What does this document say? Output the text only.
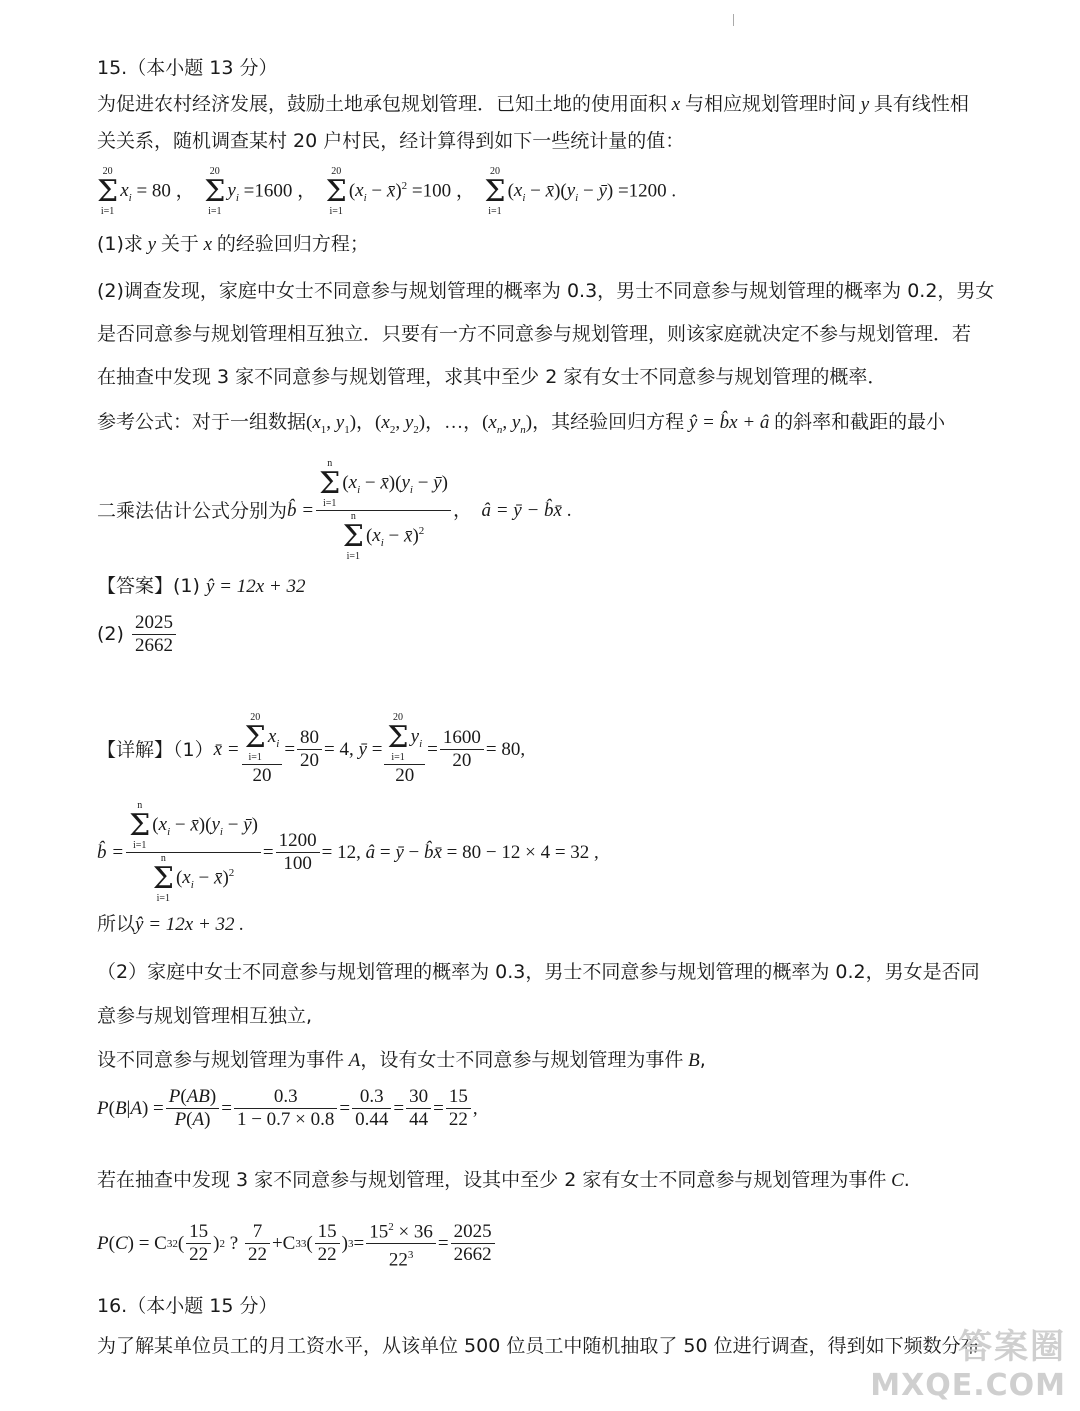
15.（本小题 13 分）
为促进农村经济发展，鼓励土地承包规划管理．已知土地的使用面积 x 与相应规划管理时间 y 具有线性相
关关系，随机调查某村 20 户村民，经计算得到如下一些统计量的值：
20
Σ
i=1
$x_i = 80$ ，
20
Σ
i=1
$y_i =1600$ ，
20
Σ
i=1
($x_i$ − x̄)$^2$ =100 ，
20
Σ
i=1
($x_i$ − $x̄)(y_i$ − ȳ) =1200 .
(1)求 y 关于 x 的经验回归方程；
(2)调查发现，家庭中女士不同意参与规划管理的概率为 0.3，男士不同意参与规划管理的概率为 0.2，男女
是否同意参与规划管理相互独立．只要有一方不同意参与规划管理，则该家庭就决定不参与规划管理．若
在抽查中发现 3 家不同意参与规划管理，求其中至少 2 家有女士不同意参与规划管理的概率．
参考公式：对于一组数据($x_1$, $y_1$)，($x_2$, $y_2$)，…，($x_n$, $y_n$)，其经验回归方程 ŷ = b̂x + â 的斜率和截距的最小
二乘法估计公式分别为 b̂ = n
Σ
i=1
($x_i$ − $x̄)(y_i$ − ȳ)
n
Σ
i=1
($x_i$ − x̄)$^2$ ，  â = ȳ − b̂x̄ .
【答案】(1) ŷ = 12x + 32
$(2) \frac{2025}{2662}$
【详解】（1） x̄ = 20
Σ
i=1
$x_i$
$20 = \frac{80}{20} = 4$, ȳ = 20
Σ
i=1
$y_i$
$20 = \frac{1600}{20} = 80$,
b̂ = n
Σ
i=1
($x_i$ − $x̄)(y_i$ − ȳ)
n
Σ
i=1
($x_i$ − x̄)$^2$ = $\frac{1200}{100} = 12$, â = ȳ − b̂x̄ = 80 − 12 × 4 = 32 ,
所以ŷ = 12x + 32 .
（2）家庭中女士不同意参与规划管理的概率为 0.3，男士不同意参与规划管理的概率为 0.2，男女是否同
意参与规划管理相互独立,
设不同意参与规划管理为事件 A，设有女士不同意参与规划管理为事件 B,
P ( B | A ) = $\frac{P(AB)}{P(A)} = \frac{0.3}{1 - 0.7 \times 0.8} = \frac{0.3}{0.44} = \frac{30}{44} = \frac{15}{22}$ ,
若在抽查中发现 3 家不同意参与规划管理，设其中至少 2 家有女士不同意参与规划管理为事件 C.
P ( C ) = C 3 2 ( $\frac{15}{22}$ ) 2 ? $\frac{7}{22} +C$ 3 3 ( $\frac{15}{22}$ ) $3 = \frac{15^2 \times 36}{22^3} = \frac{2025}{2662}$
16.（本小题 15 分）
为了解某单位员工的月工资水平，从该单位 500 位员工中随机抽取了 50 位进行调查，得到如下频数分布
答案圈
MXQE.COM
